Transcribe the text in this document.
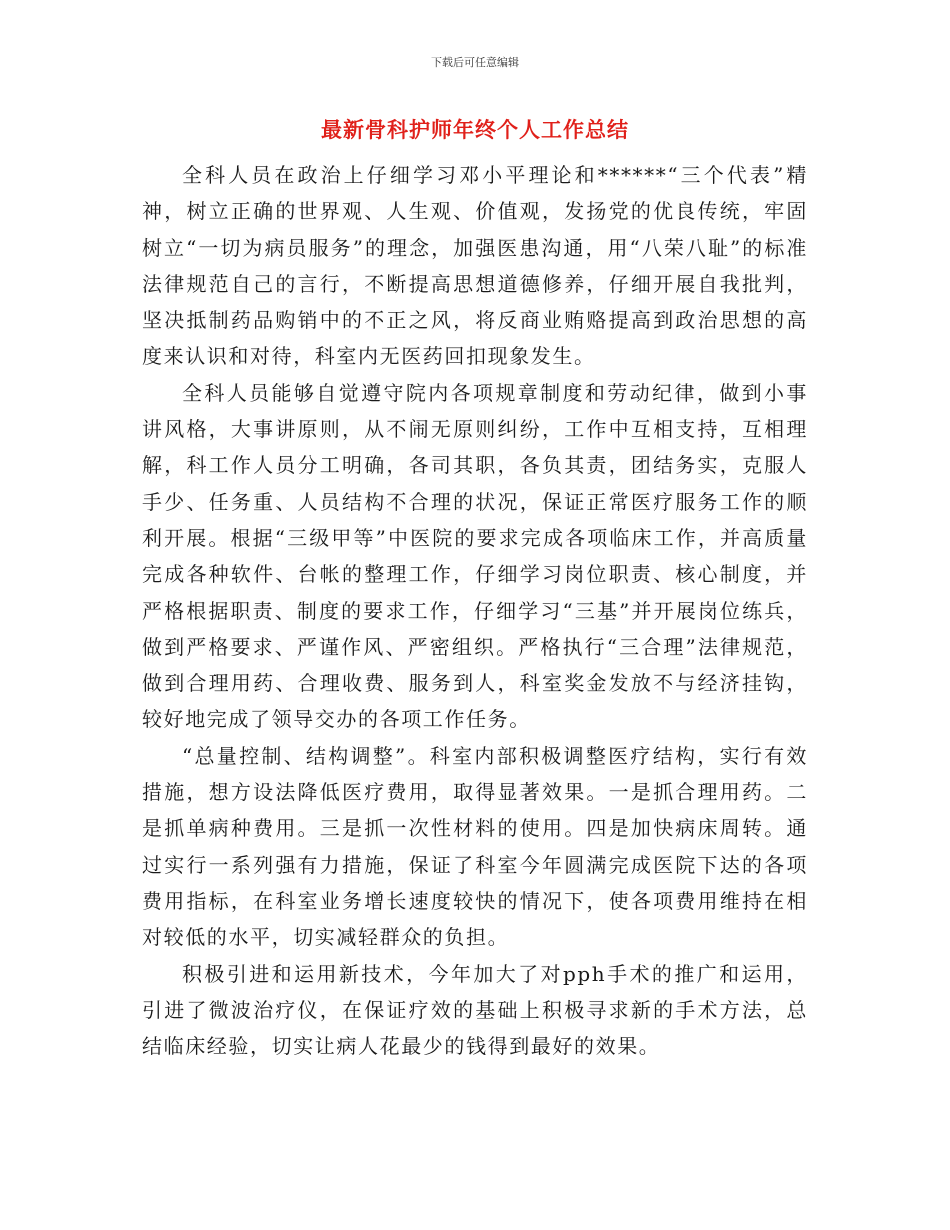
下载后可任意编辑
最新骨科护师年终个人工作总结

全科人员在政治上仔细学习邓小平理论和******“三个代表”精神，树立正确的世界观、人生观、价值观，发扬党的优良传统，牢固树立“一切为病员服务”的理念，加强医患沟通，用“八荣八耻”的标准法律规范自己的言行，不断提高思想道德修养，仔细开展自我批判，坚决抵制药品购销中的不正之风，将反商业贿赂提高到政治思想的高度来认识和对待，科室内无医药回扣现象发生。

全科人员能够自觉遵守院内各项规章制度和劳动纪律，做到小事讲风格，大事讲原则，从不闹无原则纠纷，工作中互相支持，互相理解，科工作人员分工明确，各司其职，各负其责，团结务实，克服人手少、任务重、人员结构不合理的状况，保证正常医疗服务工作的顺利开展。根据“三级甲等”中医院的要求完成各项临床工作，并高质量完成各种软件、台帐的整理工作，仔细学习岗位职责、核心制度，并严格根据职责、制度的要求工作，仔细学习“三基”并开展岗位练兵，做到严格要求、严谨作风、严密组织。严格执行“三合理”法律规范，做到合理用药、合理收费、服务到人，科室奖金发放不与经济挂钩，较好地完成了领导交办的各项工作任务。

“总量控制、结构调整”。科室内部积极调整医疗结构，实行有效措施，想方设法降低医疗费用，取得显著效果。一是抓合理用药。二是抓单病种费用。三是抓一次性材料的使用。四是加快病床周转。通过实行一系列强有力措施，保证了科室今年圆满完成医院下达的各项费用指标，在科室业务增长速度较快的情况下，使各项费用维持在相对较低的水平，切实减轻群众的负担。

积极引进和运用新技术，今年加大了对pph手术的推广和运用，引进了微波治疗仪，在保证疗效的基础上积极寻求新的手术方法，总结临床经验，切实让病人花最少的钱得到最好的效果。
